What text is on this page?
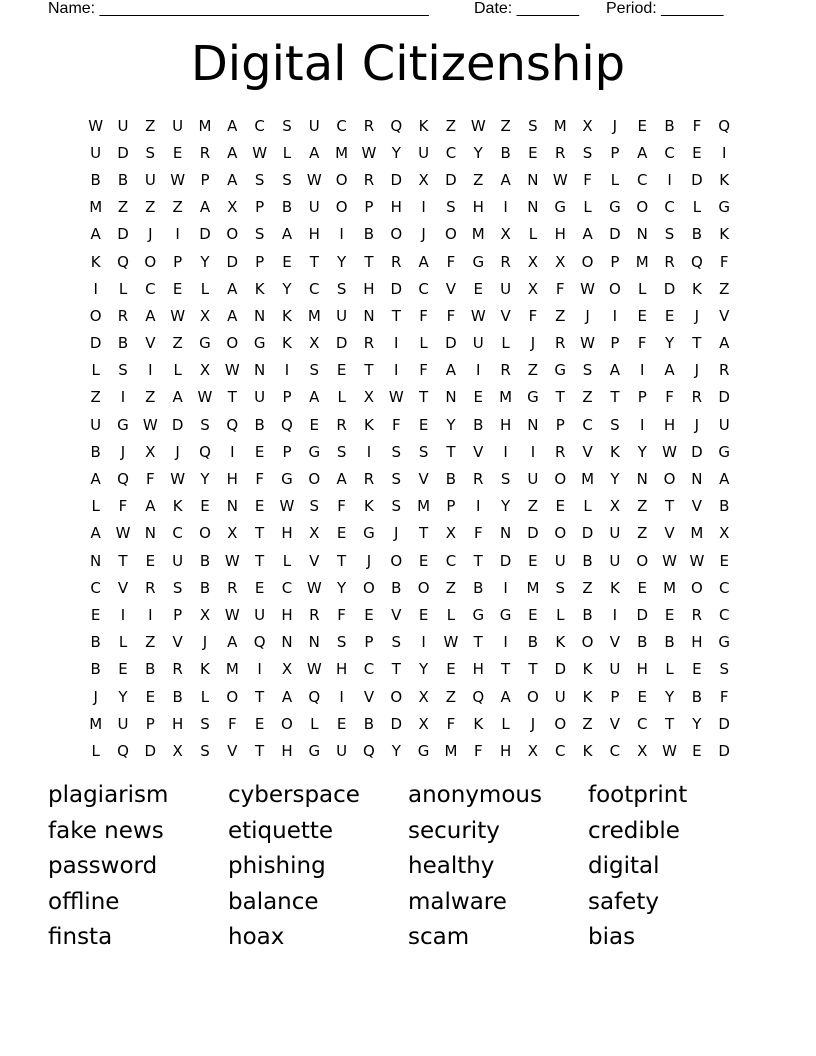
Name: _____________________________________	Date: _______ Period: _______
Digital Citizenship
W U	Z	U	M	A	C	S	U	C	R	Q	K	Z W Z	S	M	X	J	E	B	F	Q
U	D	S	E	R	A W	L	A	M W	Y	U	C	Y	B	E	R	S	P	A	C	E	I
B	B	U W	P	A	S	S	W O	R	D	X	D	Z	A	N W	F	L	C	I	D	K
M	Z	Z	Z	A	X	P	B	U	O	P	H	I	S	H	I	N	G	L	G	O	C	L	G
A	D	J	I	D	O	S	A	H	I	B	O	J	O M	X	L	H	A	D	N	S	B	K
K	Q	O	P	Y	D	P	E	T	Y	T	R	A	F	G	R	X	X	O	P	M	R	Q	F
I	L	C	E	L	A	K	Y	C	S	H	D	C	V	E	U	X	F	W O	L	D	K	Z
O	R	A W X	A	N	K	M	U	N	T	F	F	W V	F	Z	J	I	E	E	J	V
D	B	V	Z	G	O	G	K	X	D	R	I	L	D	U	L	J	R W	P	F	Y	T	A
L	S	I	L	X W N	I	S	E	T	I	F	A	I	R	Z	G	S	A	I	A	J	R
Z	I	Z	A W	T	U	P	A	L	X W	T	N	E	M	G	T	Z	T	P	F	R	D
U	G W D	S	Q	B	Q	E	R	K	F	E	Y	B	H	N	P	C	S	I	H	J	U
B	J	X	J	Q	I	E	P	G	S	I	S	S	T	V	I	I	R	V	K	Y	W D	G
A	Q	F	W	Y	H	F	G	O	A	R	S	V	B	R	S	U	O M	Y	N	O	N	A
L	F	A	K	E	N	E	W	S	F	K	S	M	P	I	Y	Z	E	L	X	Z	T	V	B
A W N	C	O	X	T	H	X	E	G	J	T	X	F	N	D	O	D	U	Z	V	M	X
N	T	E	U	B W	T	L	V	T	J	O	E	C	T	D	E	U	B	U	O W W	E
C	V	R	S	B	R	E	C W	Y	O	B	O	Z	B	I	M	S	Z	K	E	M O	C
E	I	I	P	X W U	H	R	F	E	V	E	L	G	G	E	L	B	I	D	E	R	C
B	L	Z	V	J	A	Q	N	N	S	P	S	I	W	T	I	B	K	O	V	B	B	H	G
B	E	B	R	K	M	I	X W H	C	T	Y	E	H	T	T	D	K	U	H	L	E	S
J	Y	E	B	L	O	T	A	Q	I	V	O	X	Z	Q	A	O	U	K	P	E	Y	B	F
M	U	P	H	S	F	E	O	L	E	B	D	X	F	K	L	J	O	Z	V	C	T	Y	D
L	Q	D	X	S	V	T	H	G	U	Q	Y	G	M	F	H	X	C	K	C	X W	E	D
plagiarism	cyberspace	anonymous	footprint
fake news	etiquette	security	credible
password	phishing	healthy	digital
offline	balance	malware	safety
finsta	hoax	scam	bias
